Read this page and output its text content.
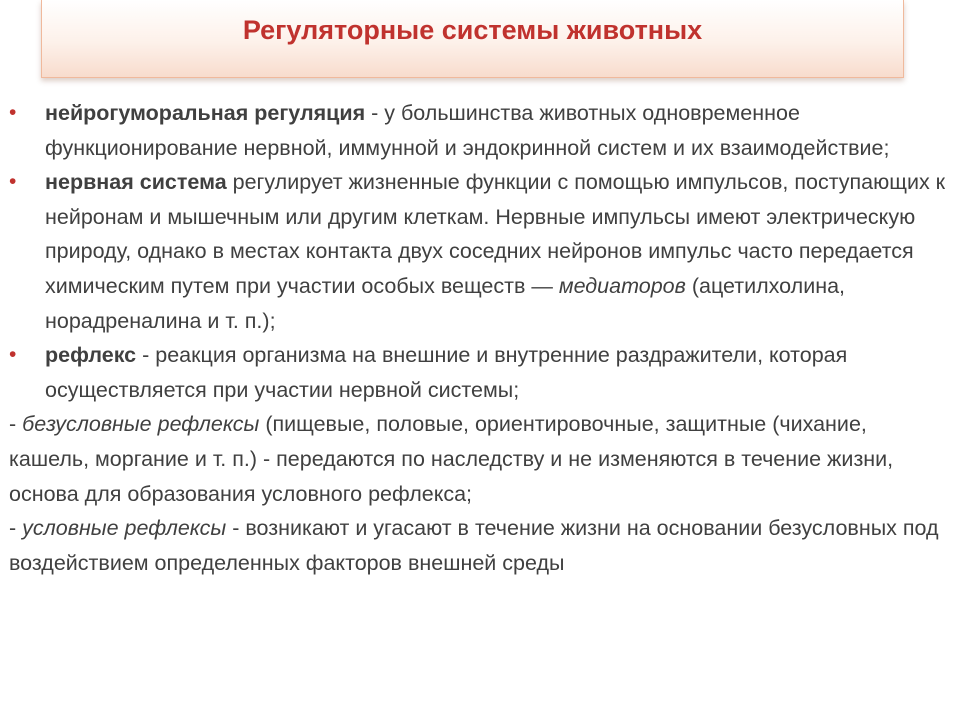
Регуляторные системы животных
• нейрогуморальная регуляция - у большинства животных одновременное функционирование нервной, иммунной и эндокринной систем и их взаимодействие;
• нервная система регулирует жизненные функции с помощью импульсов, поступающих к нейронам и мышечным или другим клеткам. Нервные импульсы имеют электрическую природу, однако в местах контакта двух соседних нейронов импульс часто передается химическим путем при участии особых веществ — медиаторов (ацетилхолина, норадреналина и т. п.);
• рефлекс - реакция организма на внешние и внутренние раздражители, которая осуществляется при участии нервной системы;
- безусловные рефлексы (пищевые, половые, ориентировочные, защитные (чихание, кашель, моргание и т. п.) - передаются по наследству и не изменяются в течение жизни, основа для образования условного рефлекса;
- условные рефлексы - возникают и угасают в течение жизни на основании безусловных под воздействием определенных факторов внешней среды
